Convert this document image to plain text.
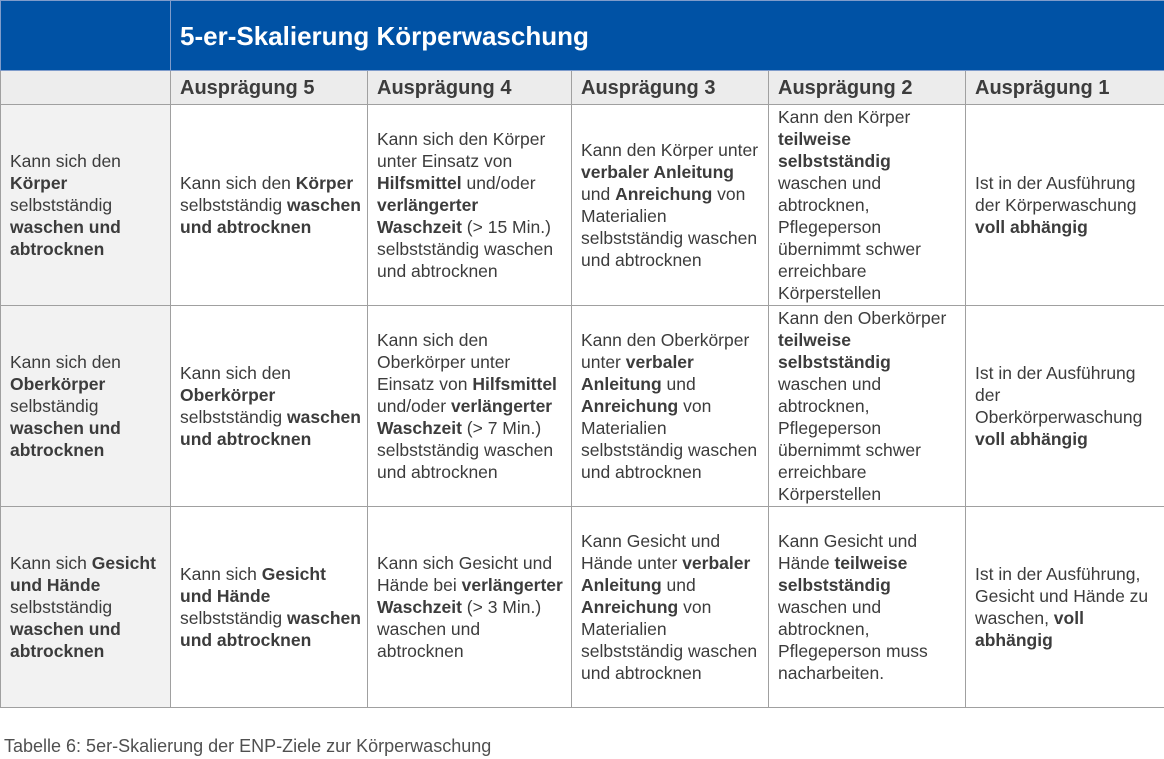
	5-er-Skalierung Körperwaschung				
	Ausprägung 5	Ausprägung 4	Ausprägung 3	Ausprägung 2	Ausprägung 1
Kann sich den Körper selbstständig waschen und abtrocknen	Kann sich den Körper selbstständig waschen und abtrocknen	Kann sich den Körper unter Einsatz von Hilfsmittel und/oder verlängerter Waschzeit (> 15 Min.) selbstständig waschen und abtrocknen	Kann den Körper unter verbaler Anleitung und Anreichung von Materialien selbstständig waschen und abtrocknen	Kann den Körper teilweise selbstständig waschen und abtrocknen, Pflegeperson übernimmt schwer erreichbare Körperstellen	Ist in der Ausführung der Körperwaschung voll abhängig
Kann sich den Oberkörper selbständig waschen und abtrocknen	Kann sich den Oberkörper selbstständig waschen und abtrocknen	Kann sich den Oberkörper unter Einsatz von Hilfsmittel und/oder verlängerter Waschzeit (> 7 Min.) selbstständig waschen und abtrocknen	Kann den Oberkörper unter verbaler Anleitung und Anreichung von Materialien selbstständig waschen und abtrocknen	Kann den Oberkörper teilweise selbstständig waschen und abtrocknen, Pflegeperson übernimmt schwer erreichbare Körperstellen	Ist in der Ausführung der Oberkörperwaschung voll abhängig
Kann sich Gesicht und Hände selbstständig waschen und abtrocknen	Kann sich Gesicht und Hände selbstständig waschen und abtrocknen	Kann sich Gesicht und Hände bei verlängerter Waschzeit (> 3 Min.) waschen und abtrocknen	Kann Gesicht und Hände unter verbaler Anleitung und Anreichung von Materialien selbstständig waschen und abtrocknen	Kann Gesicht und Hände teilweise selbstständig waschen und abtrocknen, Pflegeperson muss nacharbeiten.	Ist in der Ausführung, Gesicht und Hände zu waschen, voll abhängig
Tabelle 6: 5er-Skalierung der ENP-Ziele zur Körperwaschung
